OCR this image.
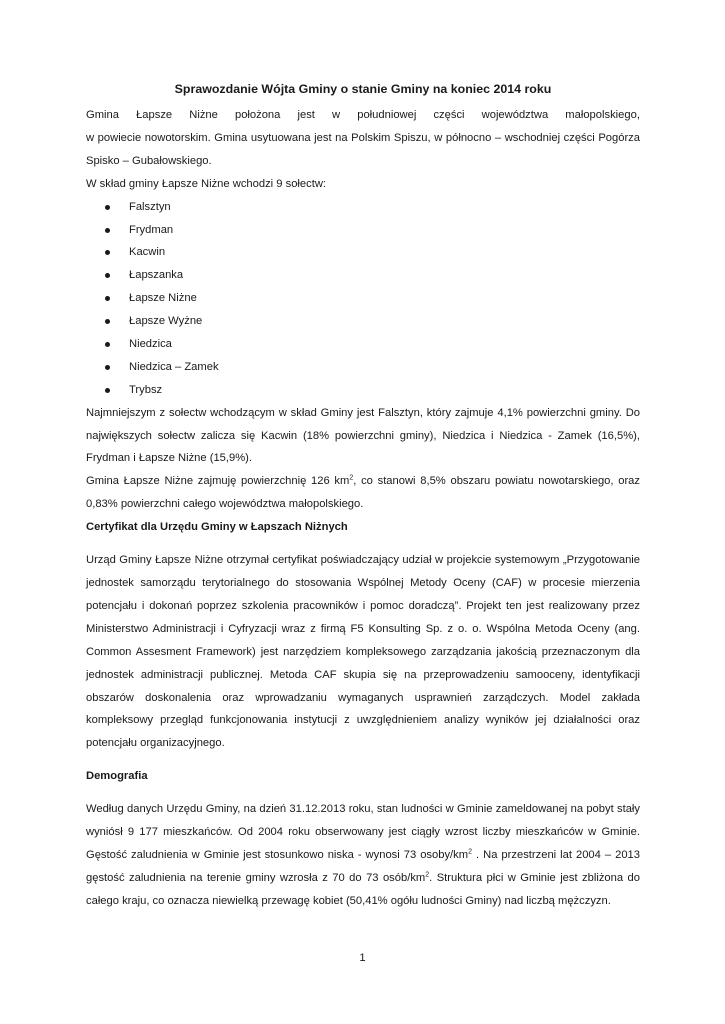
Sprawozdanie Wójta Gminy o stanie Gminy na koniec 2014 roku
Gmina Łapsze Niżne położona jest w południowej części województwa małopolskiego,

w powiecie nowotorskim. Gmina usytuowana jest na Polskim Spiszu, w północno – wschodniej części Pogórza Spisko – Gubałowskiego.

W skład gminy Łapsze Niżne wchodzi 9 sołectw:

Falsztyn
Frydman
Kacwin
Łapszanka
Łapsze Niżne
Łapsze Wyżne
Niedzica
Niedzica – Zamek
Trybsz

Najmniejszym z sołectw wchodzącym w skład Gminy jest Falsztyn, który zajmuje 4,1% powierzchni gminy. Do największych sołectw zalicza się Kacwin (18% powierzchni gminy), Niedzica i Niedzica - Zamek (16,5%), Frydman i Łapsze Niżne (15,9%).

Gmina Łapsze Niżne zajmuję powierzchnię 126 $km^2$, co stanowi 8,5% obszaru powiatu nowotarskiego, oraz 0,83% powierzchni całego województwa małopolskiego.

Certyfikat dla Urzędu Gminy w Łapszach Niżnych

Urząd Gminy Łapsze Niżne otrzymał certyfikat poświadczający udział w projekcie systemowym „Przygotowanie jednostek samorządu terytorialnego do stosowania Wspólnej Metody Oceny (CAF) w procesie mierzenia potencjału i dokonań poprzez szkolenia pracowników i pomoc doradczą”. Projekt ten jest realizowany przez Ministerstwo Administracji i Cyfryzacji wraz z firmą F5 Konsulting Sp. z o. o. Wspólna Metoda Oceny (ang. Common Assesment Framework) jest narzędziem kompleksowego zarządzania jakością przeznaczonym dla jednostek administracji publicznej. Metoda CAF skupia się na przeprowadzeniu samooceny, identyfikacji obszarów doskonalenia oraz wprowadzaniu wymaganych usprawnień zarządczych. Model zakłada kompleksowy przegląd funkcjonowania instytucji z uwzględnieniem analizy wyników jej działalności oraz potencjału organizacyjnego.

Demografia

Według danych Urzędu Gminy, na dzień 31.12.2013 roku, stan ludności w Gminie zameldowanej na pobyt stały wyniósł 9 177 mieszkańców. Od 2004 roku obserwowany jest ciągły wzrost liczby mieszkańców w Gminie. Gęstość zaludnienia w Gminie jest stosunkowo niska - wynosi 73 osoby/$km^2$ . Na przestrzeni lat 2004 – 2013 gęstość zaludnienia na terenie gminy wzrosła z 70 do 73 osób/$km^2$. Struktura płci w Gminie jest zbliżona do całego kraju, co oznacza niewielką przewagę kobiet (50,41% ogółu ludności Gminy) nad liczbą mężczyzn.

1
